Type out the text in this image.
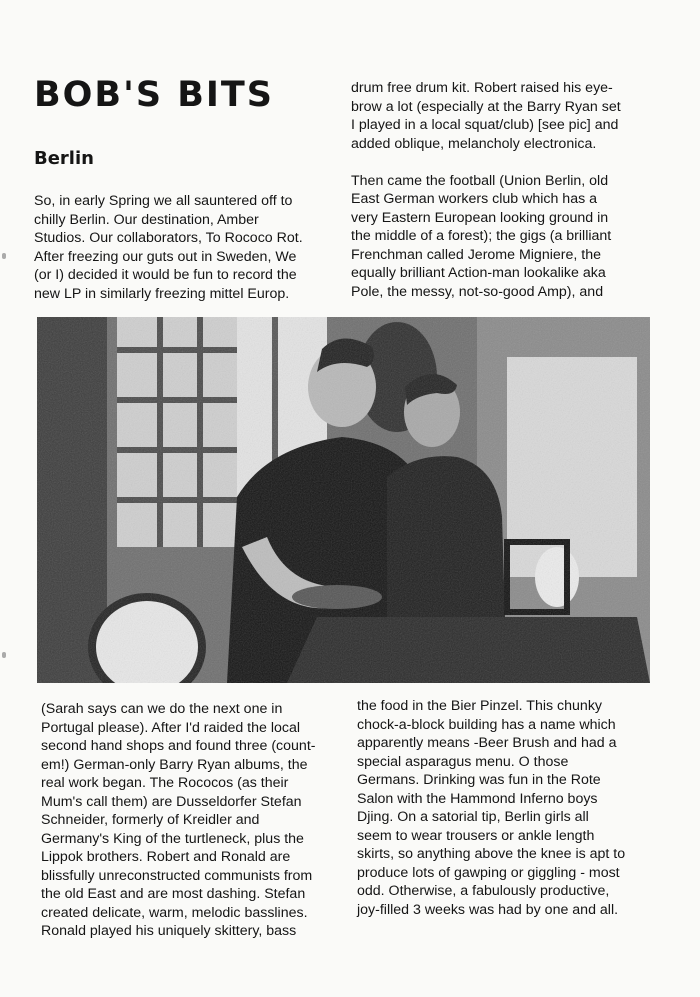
BOB'S BITS
Berlin
So, in early Spring we all sauntered off to
chilly Berlin. Our destination, Amber
Studios. Our collaborators, To Rococo Rot.
After freezing our guts out in Sweden, We
(or I) decided it would be fun to record the
new LP in similarly freezing mittel Europ.
drum free drum kit. Robert raised his eye-
brow a lot (especially at the Barry Ryan set
I played in a local squat/club) [see pic] and
added oblique, melancholy electronica.
Then came the football (Union Berlin, old
East German workers club which has a
very Eastern European looking ground in
the middle of a forest); the gigs (a brilliant
Frenchman called Jerome Migniere, the
equally brilliant Action-man lookalike aka
Pole, the messy, not-so-good Amp), and
(Sarah says can we do the next one in
Portugal please). After I'd raided the local
second hand shops and found three (count-
em!) German-only Barry Ryan albums, the
real work began. The Rococos (as their
Mum's call them) are Dusseldorfer Stefan
Schneider, formerly of Kreidler and
Germany's King of the turtleneck, plus the
Lippok brothers. Robert and Ronald are
blissfully unreconstructed communists from
the old East and are most dashing. Stefan
created delicate, warm, melodic basslines.
Ronald played his uniquely skittery, bass
the food in the Bier Pinzel. This chunky
chock-a-block building has a name which
apparently means -Beer Brush and had a
special asparagus menu. O those
Germans. Drinking was fun in the Rote
Salon with the Hammond Inferno boys
Djing. On a satorial tip, Berlin girls all
seem to wear trousers or ankle length
skirts, so anything above the knee is apt to
produce lots of gawping or giggling - most
odd. Otherwise, a fabulously productive,
joy-filled 3 weeks was had by one and all.
